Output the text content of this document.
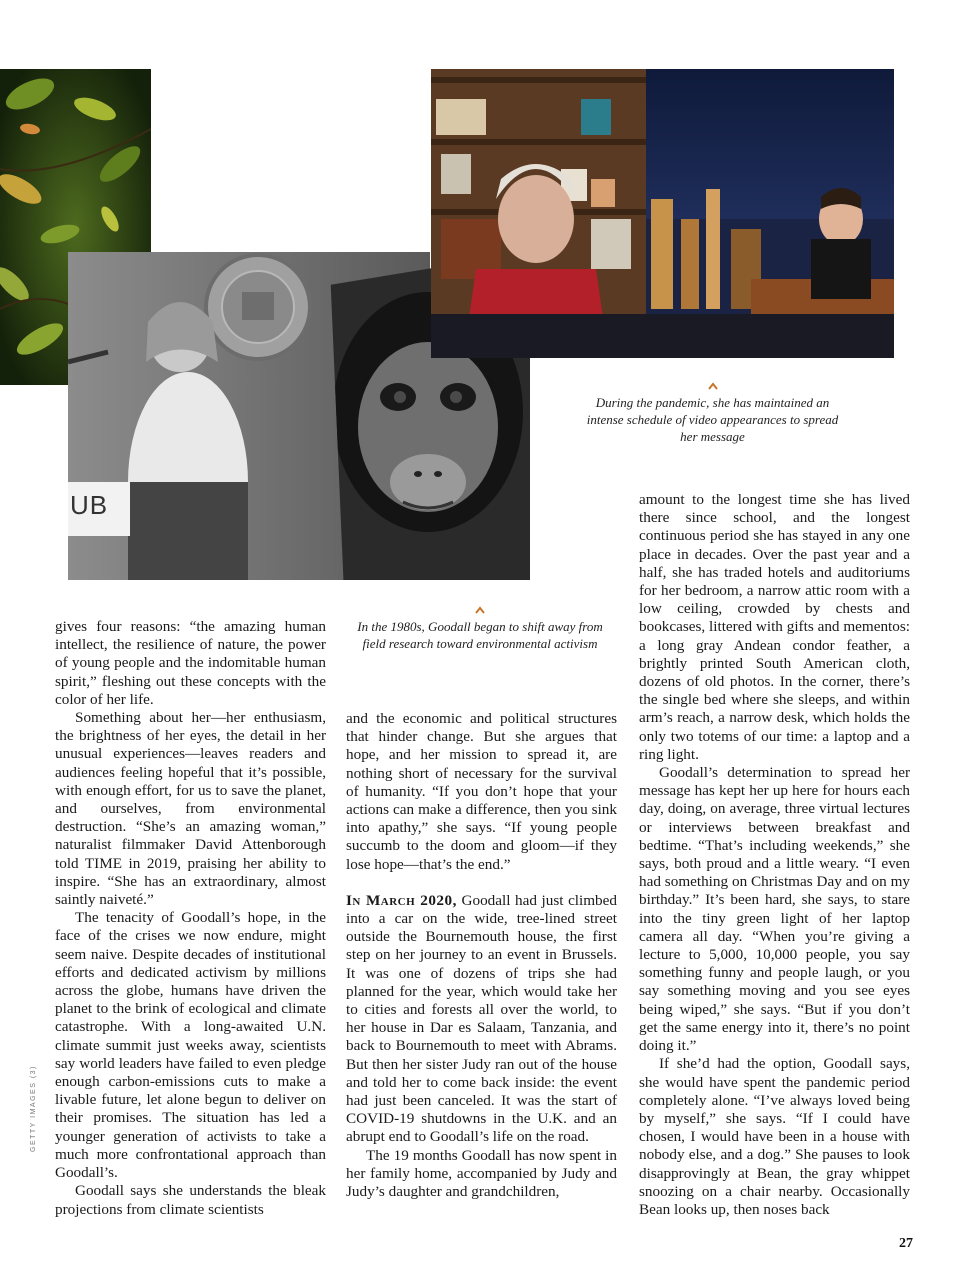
UB
During the pandemic, she has maintained an intense schedule of video appearances to spread her message
In the 1980s, Goodall began to shift away from field research toward environmental activism

gives four reasons: “the amazing human intellect, the resilience of nature, the power of young people and the indomitable human spirit,” fleshing out these concepts with the color of her life.

Something about her—her enthusiasm, the brightness of her eyes, the detail in her unusual experiences—leaves readers and audiences feeling hopeful that it’s possible, with enough effort, for us to save the planet, and ourselves, from environmental destruction. “She’s an amazing woman,” naturalist filmmaker David Attenborough told TIME in 2019, praising her ability to inspire. “She has an extraordinary, almost saintly naiveté.”

The tenacity of Goodall’s hope, in the face of the crises we now endure, might seem naive. Despite decades of institutional efforts and dedicated activism by millions across the globe, humans have driven the planet to the brink of ecological and climate catastrophe. With a long-awaited U.N. climate summit just weeks away, scientists say world leaders have failed to even pledge enough carbon-emissions cuts to make a livable future, let alone begun to deliver on their promises. The situation has led a younger generation of activists to take a much more confrontational approach than Goodall’s.

Goodall says she understands the bleak projections from climate scientists

and the economic and political structures that hinder change. But she argues that hope, and her mission to spread it, are nothing short of necessary for the survival of humanity. “If you don’t hope that your actions can make a difference, then you sink into apathy,” she says. “If young people succumb to the doom and gloom—if they lose hope—that’s the end.”

In March 2020, Goodall had just climbed into a car on the wide, tree-lined street outside the Bournemouth house, the first step on her journey to an event in Brussels. It was one of dozens of trips she had planned for the year, which would take her to cities and forests all over the world, to her house in Dar es Salaam, Tanzania, and back to Bournemouth to meet with Abrams. But then her sister Judy ran out of the house and told her to come back inside: the event had just been canceled. It was the start of COVID-19 shutdowns in the U.K. and an abrupt end to Goodall’s life on the road.

The 19 months Goodall has now spent in her family home, accompanied by Judy and Judy’s daughter and grandchildren,

amount to the longest time she has lived there since school, and the longest continuous period she has stayed in any one place in decades. Over the past year and a half, she has traded hotels and auditoriums for her bedroom, a narrow attic room with a low ceiling, crowded by chests and bookcases, littered with gifts and mementos: a long gray Andean condor feather, a brightly printed South American cloth, dozens of old photos. In the corner, there’s the single bed where she sleeps, and within arm’s reach, a narrow desk, which holds the only two totems of our time: a laptop and a ring light.

Goodall’s determination to spread her message has kept her up here for hours each day, doing, on average, three virtual lectures or interviews between breakfast and bedtime. “That’s including weekends,” she says, both proud and a little weary. “I even had something on Christmas Day and on my birthday.” It’s been hard, she says, to stare into the tiny green light of her laptop camera all day. “When you’re giving a lecture to 5,000, 10,000 people, you say something funny and people laugh, or you say something moving and you see eyes being wiped,” she says. “But if you don’t get the same energy into it, there’s no point doing it.”

If she’d had the option, Goodall says, she would have spent the pandemic period completely alone. “I’ve always loved being by myself,” she says. “If I could have chosen, I would have been in a house with nobody else, and a dog.” She pauses to look disapprovingly at Bean, the gray whippet snoozing on a chair nearby. Occasionally Bean looks up, then noses back

GETTY IMAGES (3)
27
